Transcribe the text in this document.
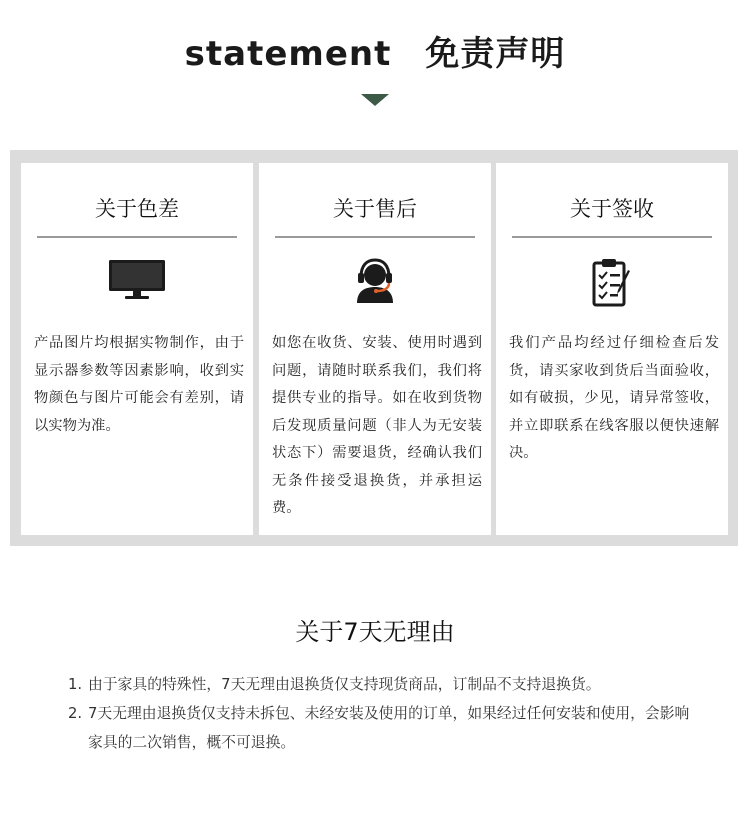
statement 免责声明
关于色差
产品图片均根据实物制作，由于显示器参数等因素影响，收到实物颜色与图片可能会有差别，请以实物为准。
关于售后
如您在收货、安装、使用时遇到问题，请随时联系我们，我们将提供专业的指导。如在收到货物后发现质量问题（非人为无安装状态下）需要退货，经确认我们无条件接受退换货，并承担运费。
关于签收
我们产品均经过仔细检查后发货，请买家收到货后当面验收，如有破损，少见，请异常签收，并立即联系在线客服以便快速解决。
关于7天无理由
1. 由于家具的特殊性，7天无理由退换货仅支持现货商品，订制品不支持退换货。
2. 7天无理由退换货仅支持未拆包、未经安装及使用的订单，如果经过任何安装和使用，会影响家具的二次销售，概不可退换。
